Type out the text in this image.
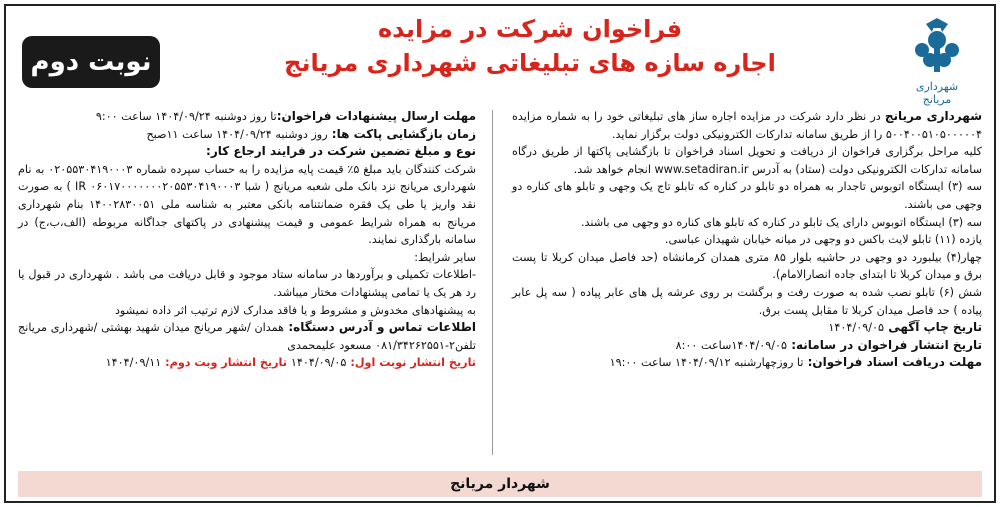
شهرداری
مریانج
نوبت دوم
فراخوان شرکت در مزایده
اجاره سازه های تبلیغاتی شهرداری مریانج

شهرداری مریانج در نظر دارد شرکت در مزایده اجاره ساز های تبلیغاتی خود را به شماره مزایده ۵۰۰۴۰۰۵۱۰۵۰۰۰۰۰۴ را از طریق سامانه تدارکات الکترونیکی دولت برگزار نماید.

کلیه مراحل برگزاری فراخوان از دریافت و تحویل اسناد فراخوان تا بازگشایی پاکتها از طریق درگاه سامانه تدارکات الکترونیکی دولت (ستاد) به آدرس www.setadiran.ir انجام خواهد شد.

سه (۳) ایستگاه اتوبوس تاجدار به همراه دو تابلو در کناره که تابلو تاج یک وجهی و تابلو های کناره دو وجهی می باشند.

سه (۳) ایستگاه اتوبوس دارای یک تابلو در کناره که تابلو های کناره دو وجهی می باشند.

یازده (۱۱) تابلو لایت باکس دو وجهی در میانه خیابان شهیدان عباسی.

چهار(۴) بیلبورد دو وجهی در حاشیه بلوار ۸۵ متری همدان کرمانشاه (حد فاصل میدان کربلا تا پست برق و میدان کربلا تا ابتدای جاده انصارالامام).

شش (۶) تابلو نصب شده به صورت رفت و برگشت بر روی عرشه پل های عابر پیاده ( سه پل عابر پیاده ) حد فاصل میدان کربلا تا مقابل پست برق.

تاریخ چاپ آگهی ۱۴۰۴/۰۹/۰۵

تاریخ انتشار فراخوان در سامانه: ۱۴۰۴/۰۹/۰۵ساعت ۸:۰۰

مهلت دریافت اسناد فراخوان: تا روزچهارشنبه ۱۴۰۴/۰۹/۱۲ ساعت ۱۹:۰۰

مهلت ارسال پیشنهادات فراخوان:تا روز دوشنبه ۱۴۰۴/۰۹/۲۴ ساعت ۹:۰۰

زمان بازگشایی پاکت ها: روز دوشنبه ۱۴۰۴/۰۹/۲۴ ساعت ۱۱صبح

نوع و مبلغ تضمین شرکت در فرایند ارجاع کار:

شرکت کنندگان باید مبلغ ۵٪ قیمت پایه مزایده را به حساب سپرده شماره ۰۲۰۵۵۳۰۴۱۹۰۰۰۳ به نام شهرداری مریانج نزد بانک ملی شعبه مریانج ( شبا IR ۰۶۰۱۷۰۰۰۰۰۰۰۲۰۵۵۳۰۴۱۹۰۰۰۳ ) به صورت نقد واریز یا طی یک فقره ضمانتنامه بانکی معتبر به شناسه ملی ۱۴۰۰۲۸۳۰۰۵۱ بنام شهرداری مریانج به همراه شرایط عمومی و قیمت پیشنهادی در پاکتهای جداگانه مربوطه (الف،ب،ج) در سامانه بارگذاری نمایند.

سایر شرایط:

-اطلاعات تکمیلی و برآوردها در سامانه ستاد موجود و قابل دریافت می باشد . شهرداری در قبول یا رد هر یک یا تمامی پیشنهادات مختار میباشد.

به پیشنهادهای مخدوش و مشروط و یا فاقد مدارک لازم ترتیب اثر داده نمیشود

اطلاعات تماس و آدرس دستگاه: همدان /شهر مریانج میدان شهید بهشتی /شهرداری مریانج تلفن۲-۰۸۱/۳۴۲۶۲۵۵۱ مسعود علیمحمدی

تاریخ انتشار نوبت اول: ۱۴۰۴/۰۹/۰۵ تاریخ انتشار وبت دوم: ۱۴۰۴/۰۹/۱۱

شهردار مریانج
